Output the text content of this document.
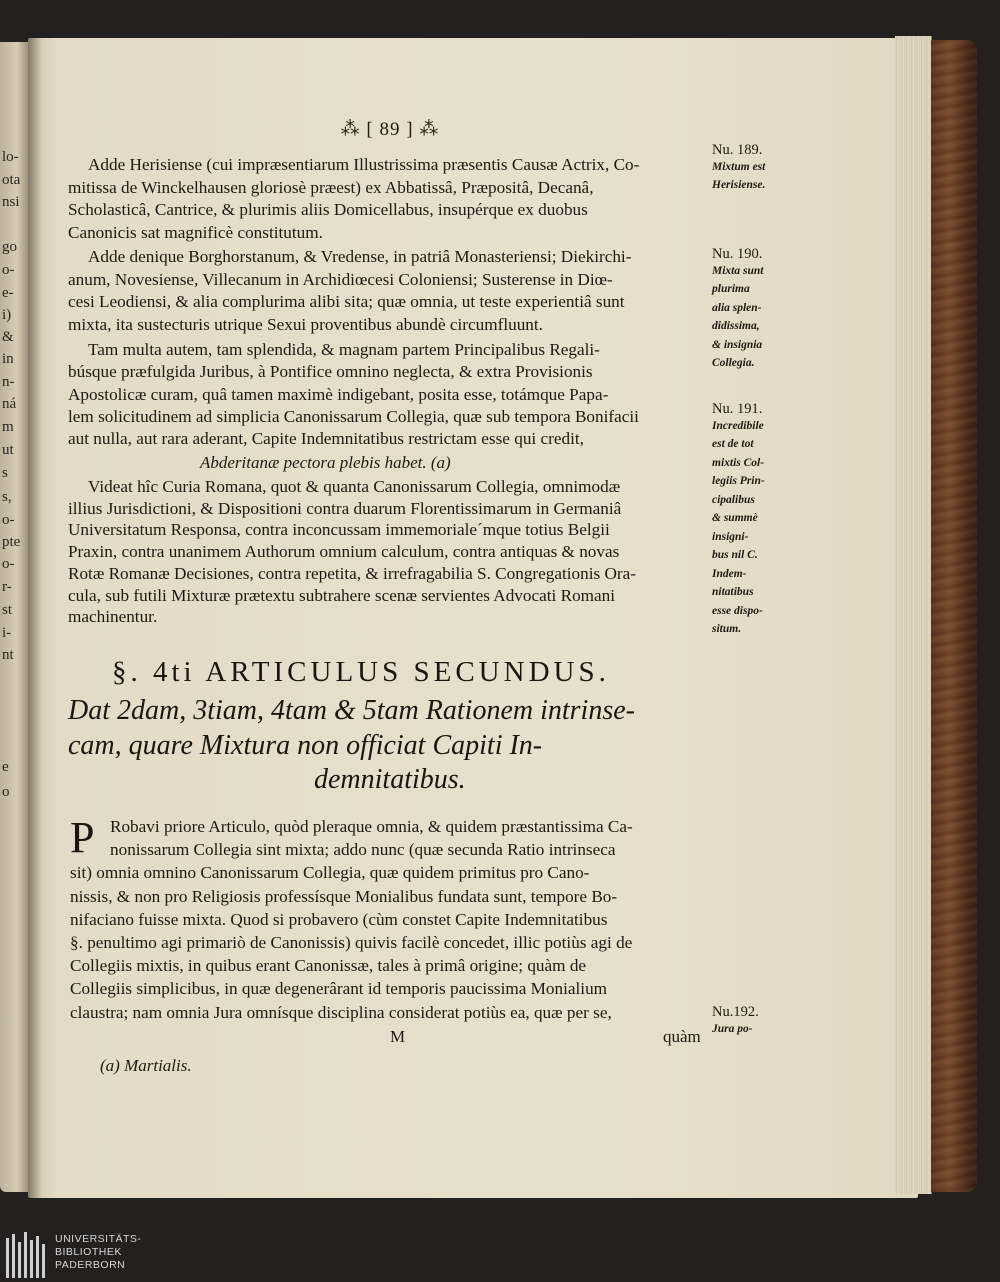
lo-
ota
nsi
go
o-
e-
i)
&
in
n-
ná
m
ut
s
s,
o-
pte
o-
r-
st
i-
nt
e
o
⁂ [ 89 ] ⁂
Adde Herisiense (cui impræsentiarum Illustrissima præsentis Causæ Actrix, Co-
mitissa de Winckelhausen gloriosè præest) ex Abbatissâ, Præpositâ, Decanâ,
Scholasticâ, Cantrice, & plurimis aliis Domicellabus, insupérque ex duobus
Canonicis sat magnificè constitutum.
Adde denique Borghorstanum, & Vredense, in patriâ Monasteriensi; Diekirchi-
anum, Novesiense, Villecanum in Archidiœcesi Coloniensi; Susterense in Diœ-
cesi Leodiensi, & alia complurima alibi sita; quæ omnia, ut teste experientiâ sunt
mixta, ita sustecturis utrique Sexui proventibus abundè circumfluunt.
Tam multa autem, tam splendida, & magnam partem Principalibus Regali-
búsque præfulgida Juribus, à Pontifice omnino neglecta, & extra Provisionis
Apostolicæ curam, quâ tamen maximè indigebant, posita esse, totámque Papa-
lem solicitudinem ad simplicia Canonissarum Collegia, quæ sub tempora Bonifacii
aut nulla, aut rara aderant, Capite Indemnitatibus restrictam esse qui credit,
Videat hîc Curia Romana, quot & quanta Canonissarum Collegia, omnimodæ
illius Jurisdictioni, & Dispositioni contra duarum Florentissimarum in Germaniâ
Universitatum Responsa, contra inconcussam immemoriale´mque totius Belgii
Praxin, contra unanimem Authorum omnium calculum, contra antiquas & novas
Rotæ Romanæ Decisiones, contra repetita, & irrefragabilia S. Congregationis Ora-
cula, sub futili Mixturæ prætextu subtrahere scenæ servientes Advocati Romani
machinentur.
Robavi priore Articulo, quòd pleraque omnia, & quidem præstantissima Ca-
nonissarum Collegia sint mixta; addo nunc (quæ secunda Ratio intrinseca
sit) omnia omnino Canonissarum Collegia, quæ quidem primitus pro Cano-
nissis, & non pro Religiosis professísque Monialibus fundata sunt, tempore Bo-
nifaciano fuisse mixta. Quod si probavero (cùm constet Capite Indemnitatibus
§. penultimo agi primariò de Canonissis) quivis facilè concedet, illic potiùs agi de
Collegiis mixtis, in quibus erant Canonissæ, tales à primâ origine; quàm de
Collegiis simplicibus, in quæ degenerârant id temporis paucissima Monialium
claustra; nam omnia Jura omnísque disciplina considerat potiùs ea, quæ per se,
Dat 2dam, 3tiam, 4tam & 5tam Rationem intrinse-
cam, quare Mixtura non officiat Capiti In-
demnitatibus.
Nu. 189.
Mixtum est
Herisiense.
Nu. 190.
Mixta sunt
plurima
alia splen-
didissima,
& insignia
Collegia.
Nu. 191.
Incredibile
est de tot
mixtis Col-
legiis Prin-
cipalibus
& summè
insigni-
bus nil C.
Indem-
nitatibus
esse dispo-
situm.
Nu.192.
Jura po-
§. 4ti ARTICULUS SECUNDUS.
P
Abderitanæ pectora plebis habet. (a)
M	quàm
(a) Martialis.
UNIVERSITÄTS-
BIBLIOTHEK
PADERBORN
